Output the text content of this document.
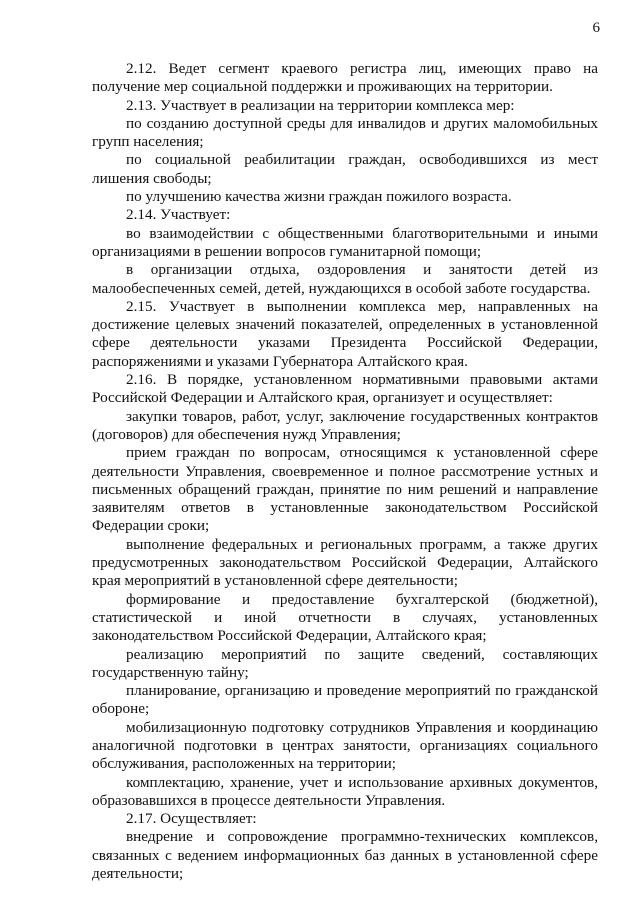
6

2.12. Ведет сегмент краевого регистра лиц, имеющих право на получение мер социальной поддержки и проживающих на территории.

2.13. Участвует в реализации на территории комплекса мер:

по созданию доступной среды для инвалидов и других маломобильных групп населения;

по социальной реабилитации граждан, освободившихся из мест лишения свободы;

по улучшению качества жизни граждан пожилого возраста.

2.14. Участвует:

во взаимодействии с общественными благотворительными и иными организациями в решении вопросов гуманитарной помощи;

в организации отдыха, оздоровления и занятости детей из малообеспеченных семей, детей, нуждающихся в особой заботе государства.

2.15. Участвует в выполнении комплекса мер, направленных на достижение целевых значений показателей, определенных в установленной сфере деятельности указами Президента Российской Федерации, распоряжениями и указами Губернатора Алтайского края.

2.16. В порядке, установленном нормативными правовыми актами Российской Федерации и Алтайского края, организует и осуществляет:

закупки товаров, работ, услуг, заключение государственных контрактов (договоров) для обеспечения нужд Управления;

прием граждан по вопросам, относящимся к установленной сфере деятельности Управления, своевременное и полное рассмотрение устных и письменных обращений граждан, принятие по ним решений и направление заявителям ответов в установленные законодательством Российской Федерации сроки;

выполнение федеральных и региональных программ, а также других предусмотренных законодательством Российской Федерации, Алтайского края мероприятий в установленной сфере деятельности;

формирование и предоставление бухгалтерской (бюджетной), статистической и иной отчетности в случаях, установленных законодательством Российской Федерации, Алтайского края;

реализацию мероприятий по защите сведений, составляющих государственную тайну;

планирование, организацию и проведение мероприятий по гражданской обороне;

мобилизационную подготовку сотрудников Управления и координацию аналогичной подготовки в центрах занятости, организациях социального обслуживания, расположенных на территории;

комплектацию, хранение, учет и использование архивных документов, образовавшихся в процессе деятельности Управления.

2.17. Осуществляет:

внедрение и сопровождение программно-технических комплексов, связанных с ведением информационных баз данных в установленной сфере деятельности;
